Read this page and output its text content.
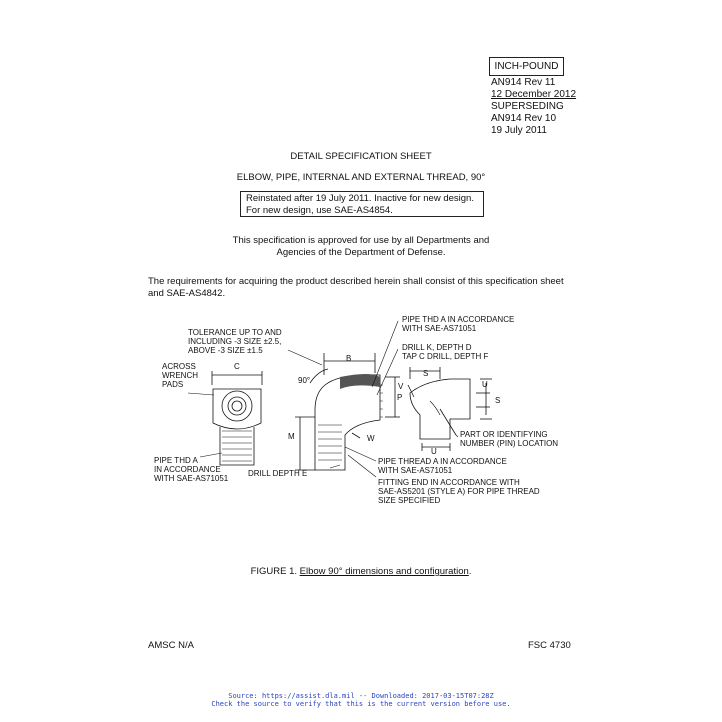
INCH-POUND
AN914 Rev 11
12 December 2012
SUPERSEDING
AN914 Rev 10
19 July 2011
DETAIL SPECIFICATION SHEET
ELBOW, PIPE, INTERNAL AND EXTERNAL THREAD, 90°
Reinstated after 19 July 2011. Inactive for new design.
For new design, use SAE-AS4854.
This specification is approved for use by all Departments and
Agencies of the Department of Defense.
The requirements for acquiring the product described herein shall consist of this specification sheet and SAE-AS4842.
TOLERANCE UP TO AND
INCLUDING -3 SIZE ±2.5,
ABOVE -3 SIZE ±1.5
ACROSS
WRENCH
PADS
C
B
90°
M	W
P
V
S
S
U
U
PIPE THD A IN ACCORDANCE
WITH SAE-AS71051
DRILL K, DEPTH D
TAP C DRILL, DEPTH F
PIPE THD A
IN ACCORDANCE
WITH SAE-AS71051
DRILL DEPTH E
PIPE THREAD A IN ACCORDANCE
WITH SAE-AS71051
FITTING END IN ACCORDANCE WITH
SAE-AS5201 (STYLE A) FOR PIPE THREAD
SIZE SPECIFIED
PART OR IDENTIFYING
NUMBER (PIN) LOCATION
FIGURE 1. Elbow 90° dimensions and configuration.
AMSC N/A	FSC 4730
Source: https://assist.dla.mil -- Downloaded: 2017-03-15T07:28Z
Check the source to verify that this is the current version before use.
